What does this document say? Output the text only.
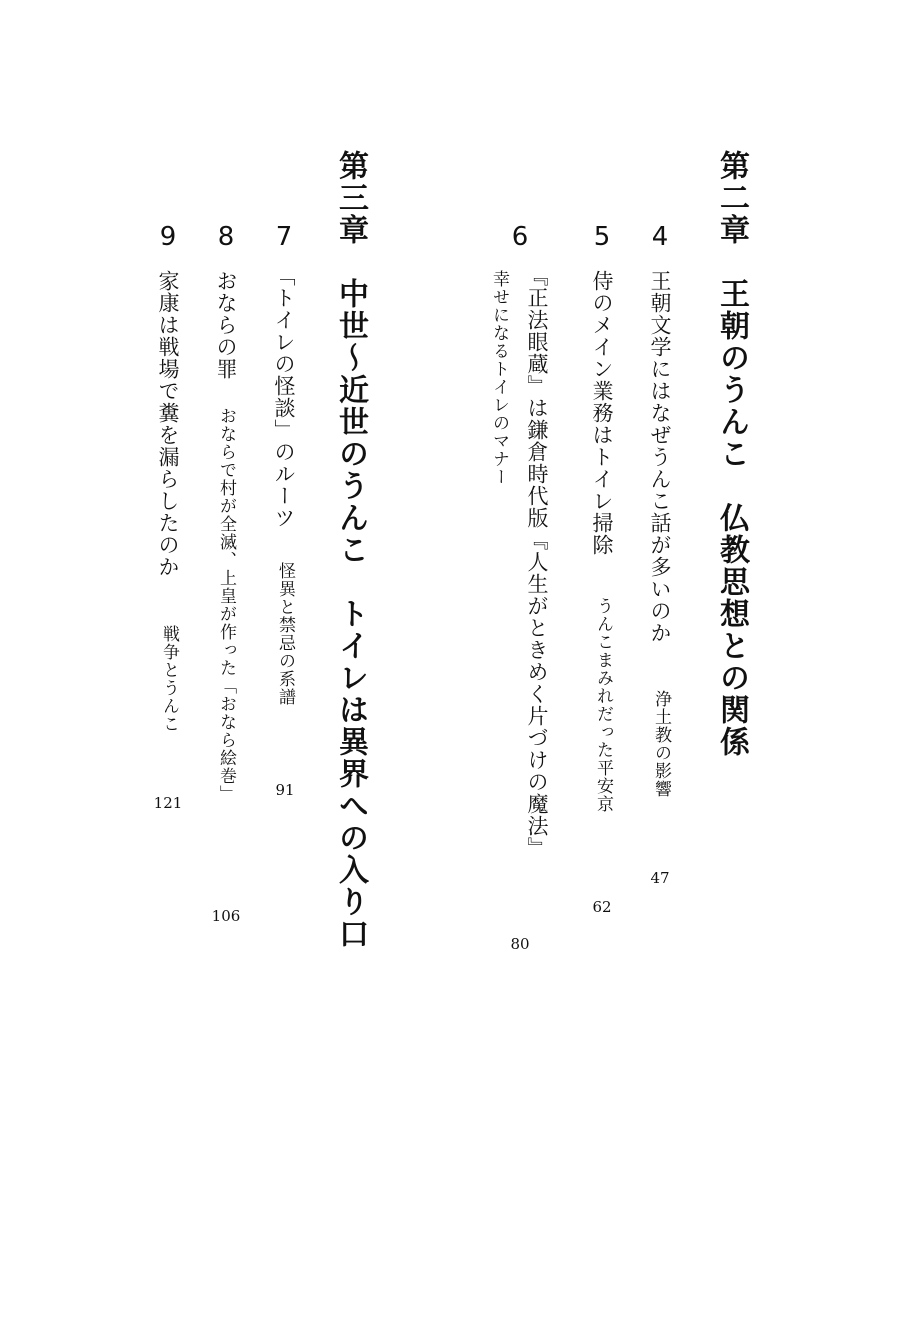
第二章　王朝のうんこ　仏教思想との関係
4
王朝文学にはなぜうんこ話が多いのか
浄土教の影響
47
5
侍のメイン業務はトイレ掃除
うんこまみれだった平安京
62
6
『正法眼蔵』は鎌倉時代版『人生がときめく片づけの魔法』
幸せになるトイレのマナー
80
第三章　中世〜近世のうんこ　トイレは異界への入り口
7
「トイレの怪談」のルーツ
怪異と禁忌の系譜
91
8
おならの罪
おならで村が全滅、上皇が作った「おなら絵巻」
106
9
家康は戦場で糞を漏らしたのか
戦争とうんこ
121
